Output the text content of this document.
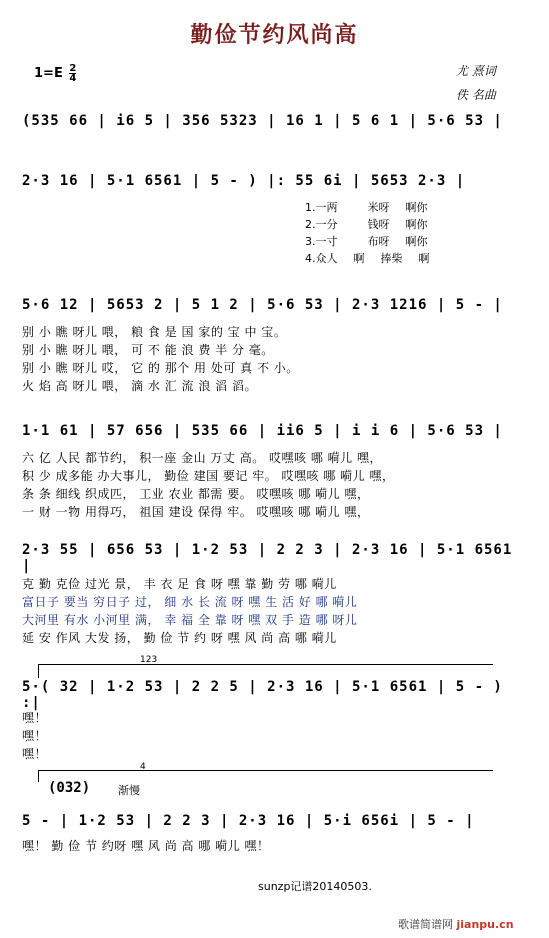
勤俭节约风尚高
$1=E \frac{2}{4}$	尤 熹词
佚 名曲
(535 66 | i6 5 | 356 5323 | 16 1 | 5 6 1 | 5·6 53 |
2·3 16 | 5·1 6561 | 5 - ) |: 55 6i | 5653 2·3 |
1.一两	米呀 啊你
2.一分	钱呀 啊你
3.一寸	布呀 啊你
4.众人 啊 捧柴 啊
5·6 12 | 5653 2 | 5 1 2 | 5·6 53 | 2·3 1216 | 5 - |
别 小 瞧 呀儿 喂， 粮 食 是 国 家的 宝 中 宝。
别 小 瞧 呀儿 喂， 可 不 能 浪 费 半 分 毫。
别 小 瞧 呀儿 哎， 它 的 那个 用 处可 真 不 小。
火 焰 高 呀儿 喂， 滴 水 汇 流 浪 滔 滔。
1·1 61 | 57 656 | 535 66 | ii6 5 | i i 6 | 5·6 53 |
六 亿 人民 都节约， 积一座 金山 万丈 高。 哎嘿咳 哪 嗬儿 嘿，
积 少 成多能 办大事儿， 勤俭 建国 要记 牢。 哎嘿咳 哪 嗬儿 嘿，
条 条 细线 织成匹， 工业 农业 都需 要。 哎嘿咳 哪 嗬儿 嘿，
一 财 一物 用得巧， 祖国 建设 保得 牢。 哎嘿咳 哪 嗬儿 嘿，
2·3 55 | 656 53 | 1·2 53 | 2 2 3 | 2·3 16 | 5·1 6561 |
克 勤 克俭 过光 景， 丰 衣 足 食 呀 嘿 靠 勤 劳 哪 嗬儿
富日子 要当 穷日子 过， 细 水 长 流 呀 嘿 生 活 好 哪 嗬儿
大河里 有水 小河里 满， 幸 福 全 靠 呀 嘿 双 手 造 哪 呀儿
延 安 作风 大发 扬， 勤 俭 节 约 呀 嘿 风 尚 高 哪 嗬儿
123
5·( 32 | 1·2 53 | 2 2 5 | 2·3 16 | 5·1 6561 | 5 - ) :|
嘿！
嘿！
嘿！
4
(032)	渐慢
5 - | 1·2 53 | 2 2 3 | 2·3 16 | 5·i 656i | 5 - |
嘿！ 勤 俭 节 约呀 嘿 风 尚 高 哪 嗬儿 嘿！
sunzp记谱20140503.
歌谱简谱网 jianpu.cn
